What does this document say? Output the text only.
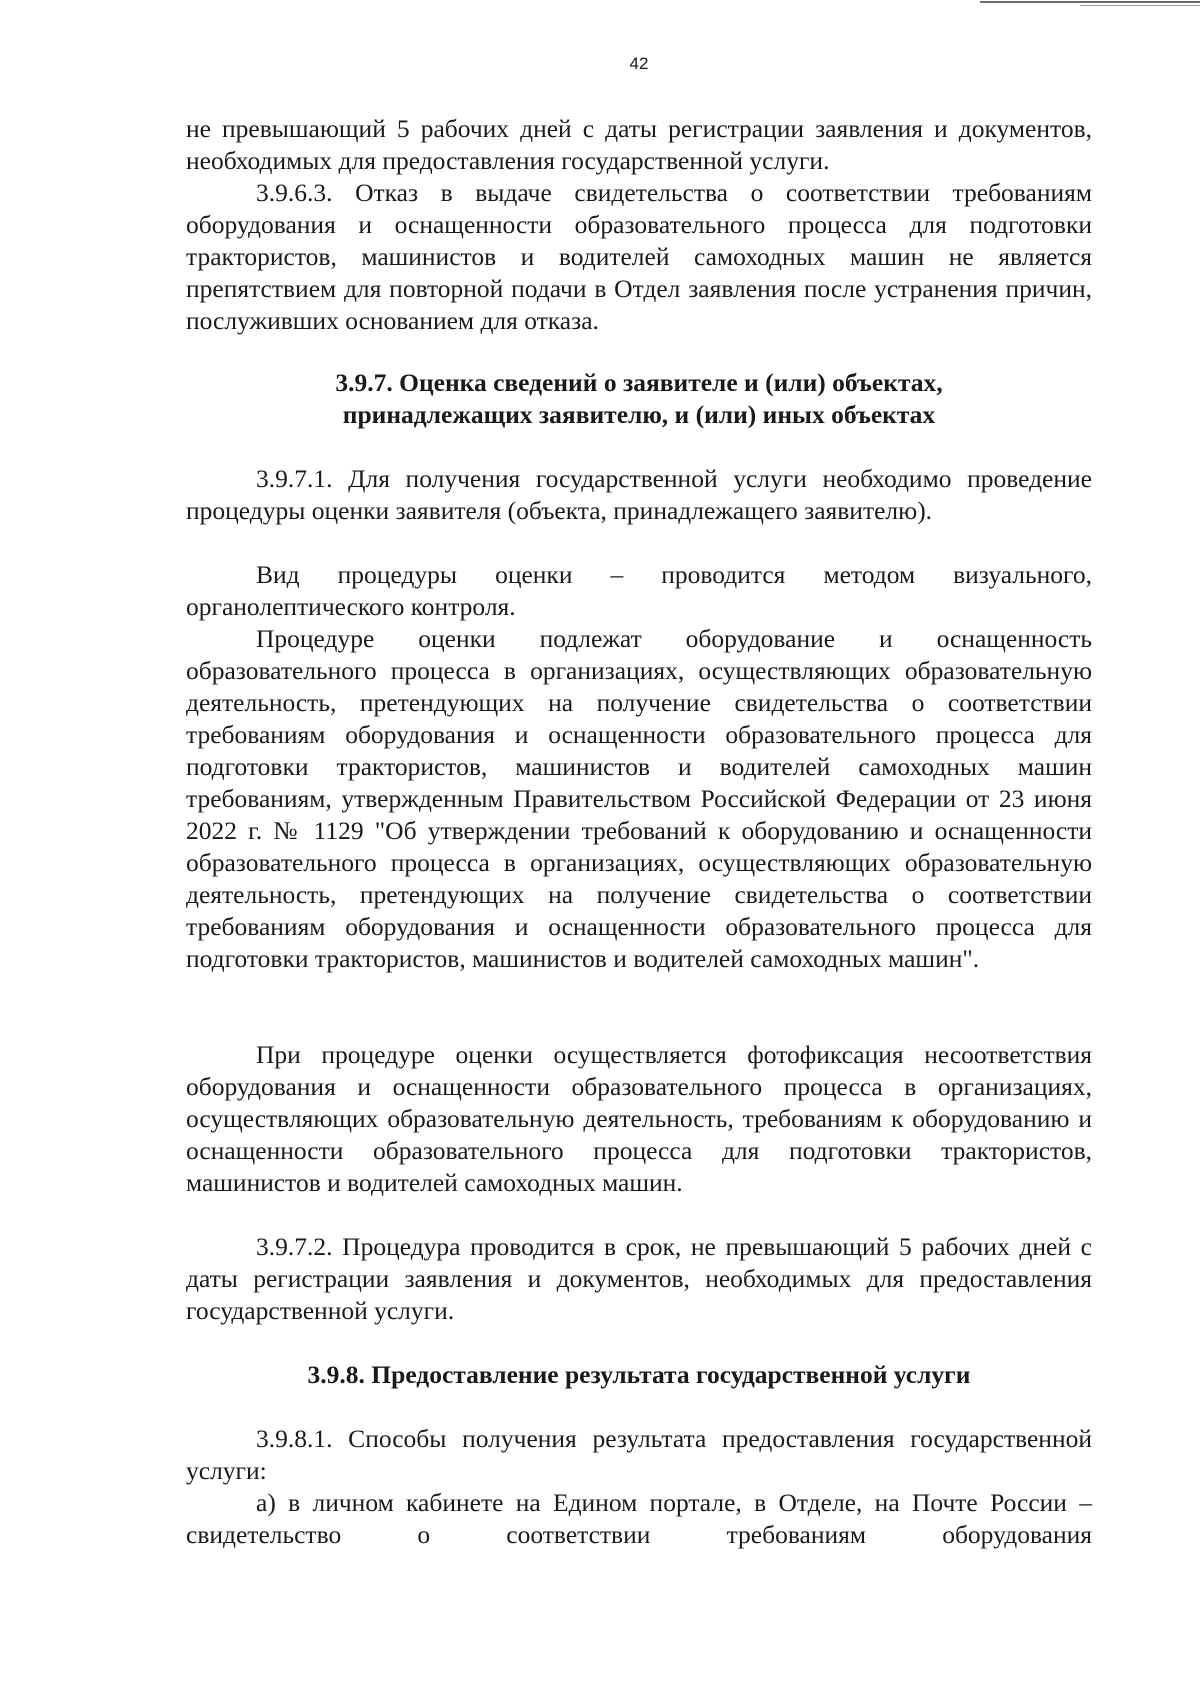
42

не превышающий 5 рабочих дней с даты регистрации заявления и документов, необходимых для предоставления государственной услуги.

3.9.6.3. Отказ в выдаче свидетельства о соответствии требованиям оборудования и оснащенности образовательного процесса для подготовки трактористов, машинистов и водителей самоходных машин не является препятствием для повторной подачи в Отдел заявления после устранения причин, послуживших основанием для отказа.

3.9.7. Оценка сведений о заявителе и (или) объектах,

принадлежащих заявителю, и (или) иных объектах

3.9.7.1. Для получения государственной услуги необходимо проведение процедуры оценки заявителя (объекта, принадлежащего заявителю).

Вид процедуры оценки – проводится методом визуального, органолептического контроля.

Процедуре оценки подлежат оборудование и оснащенность образовательного процесса в организациях, осуществляющих образовательную деятельность, претендующих на получение свидетельства о соответствии требованиям оборудования и оснащенности образовательного процесса для подготовки трактористов, машинистов и водителей самоходных машин требованиям, утвержденным Правительством Российской Федерации от 23 июня 2022 г. № 1129 "Об утверждении требований к оборудованию и оснащенности образовательного процесса в организациях, осуществляющих образовательную деятельность, претендующих на получение свидетельства о соответствии требованиям оборудования и оснащенности образовательного процесса для подготовки трактористов, машинистов и водителей самоходных машин".

При процедуре оценки осуществляется фотофиксация несоответствия оборудования и оснащенности образовательного процесса в организациях, осуществляющих образовательную деятельность, требованиям к оборудованию и оснащенности образовательного процесса для подготовки трактористов, машинистов и водителей самоходных машин.

3.9.7.2. Процедура проводится в срок, не превышающий 5 рабочих дней с даты регистрации заявления и документов, необходимых для предоставления государственной услуги.

3.9.8. Предоставление результата государственной услуги

3.9.8.1. Способы получения результата предоставления государственной услуги:

а) в личном кабинете на Едином портале, в Отделе, на Почте России – свидетельство о соответствии требованиям оборудования
